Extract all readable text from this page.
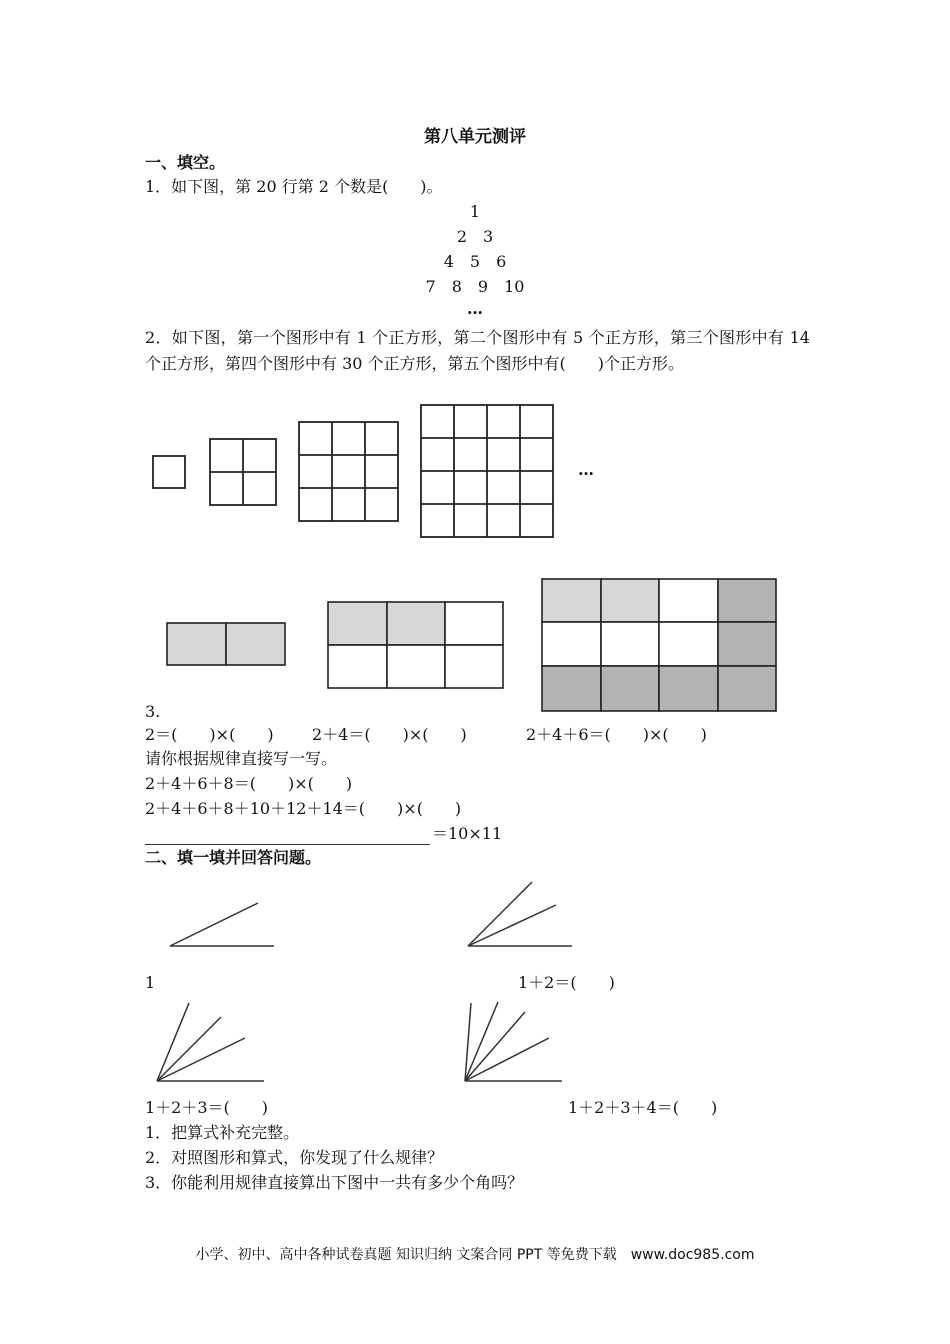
第八单元测评
一、填空。
1．如下图，第 20 行第 2 个数是(　　)。
1
2　3
4　5　6
7　8　9　10
…
2．如下图，第一个图形中有 1 个正方形，第二个图形中有 5 个正方形，第三个图形中有 14 个正方形，第四个图形中有 30 个正方形，第五个图形中有(　　)个正方形。
…
3.
2＝(　　)×(　　) 2＋4＝(　　)×(　　)	2＋4＋6＝(　　)×(　　)
请你根据规律直接写一写。
2＋4＋6＋8＝(　　)×(　　)
2＋4＋6＋8＋10＋12＋14＝(　　)×(　　)
＝10×11
二、填一填并回答问题。
1	1＋2＝(　　)
1＋2＋3＝(　　)	1＋2＋3＋4＝(　　)
1．把算式补充完整。
2．对照图形和算式，你发现了什么规律？
3．你能利用规律直接算出下图中一共有多少个角吗？
小学、初中、高中各种试卷真题 知识归纳 文案合同 PPT 等免费下载　www.doc985.com
